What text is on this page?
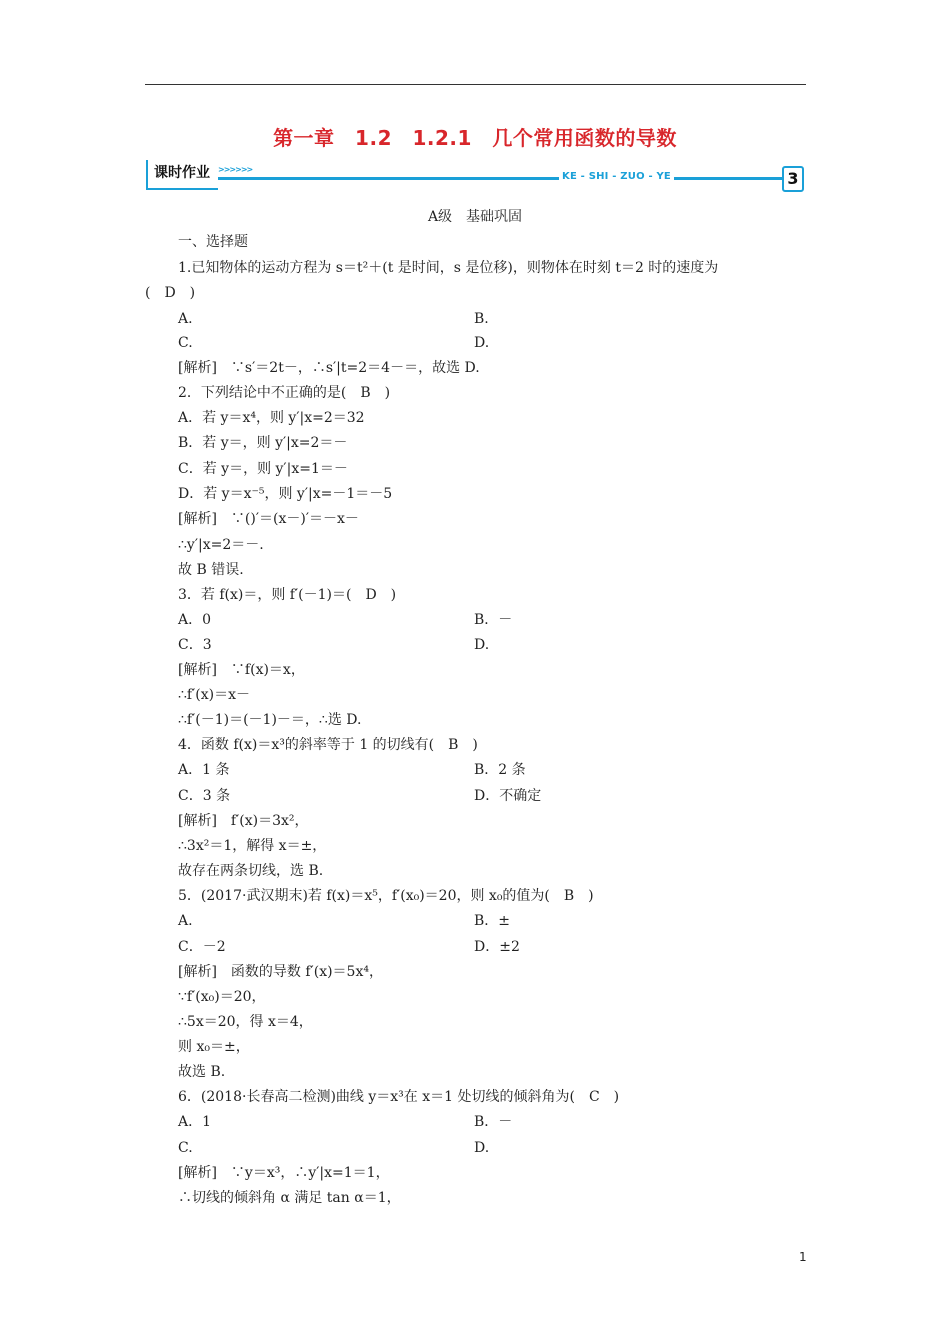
第一章　1.2　1.2.1　几个常用函数的导数
课时作业	>>>>>>
KE - SHI - ZUO - YE	3
A级　基础巩固
一、选择题
1.已知物体的运动方程为 s＝t²＋(t 是时间，s 是位移)，则物体在时刻 t＝2 时的速度为
(　D　)
A.	B.
C.	D.
[解析]　∵s′＝2t－，∴s′|t=2＝4－＝，故选 D.
2．下列结论中不正确的是(　B　)
A．若 y＝x⁴，则 y′|x=2＝32
B．若 y＝，则 y′|x=2＝－
C．若 y＝，则 y′|x=1＝－
D．若 y＝x⁻⁵，则 y′|x=－1＝－5
[解析]　∵()′＝(x－)′＝－x－
∴y′|x=2＝－.
故 B 错误.
3．若 f(x)＝，则 f′(－1)＝(　D　)
A．0	B．－
C．3	D.
[解析]　∵f(x)＝x，
∴f′(x)＝x－
∴f′(－1)＝(－1)－＝，∴选 D.
4．函数 f(x)＝x³的斜率等于 1 的切线有(　B　)
A．1 条	B．2 条
C．3 条	D．不确定
[解析]　f′(x)＝3x²，
∴3x²＝1，解得 x＝±，
故存在两条切线，选 B.
5．(2017·武汉期末)若 f(x)＝x⁵，f′(x₀)＝20，则 x₀的值为(　B　)
A.	B．±
C．－2	D．±2
[解析]　函数的导数 f′(x)＝5x⁴，
∵f′(x₀)＝20，
∴5x＝20，得 x＝4，
则 x₀＝±，
故选 B.
6．(2018·长春高二检测)曲线 y＝x³在 x＝1 处切线的倾斜角为(　C　)
A．1	B．－
C.	D.
[解析]　∵y＝x³，∴y′|x=1＝1，
∴切线的倾斜角 α 满足 tan α＝1，
1
